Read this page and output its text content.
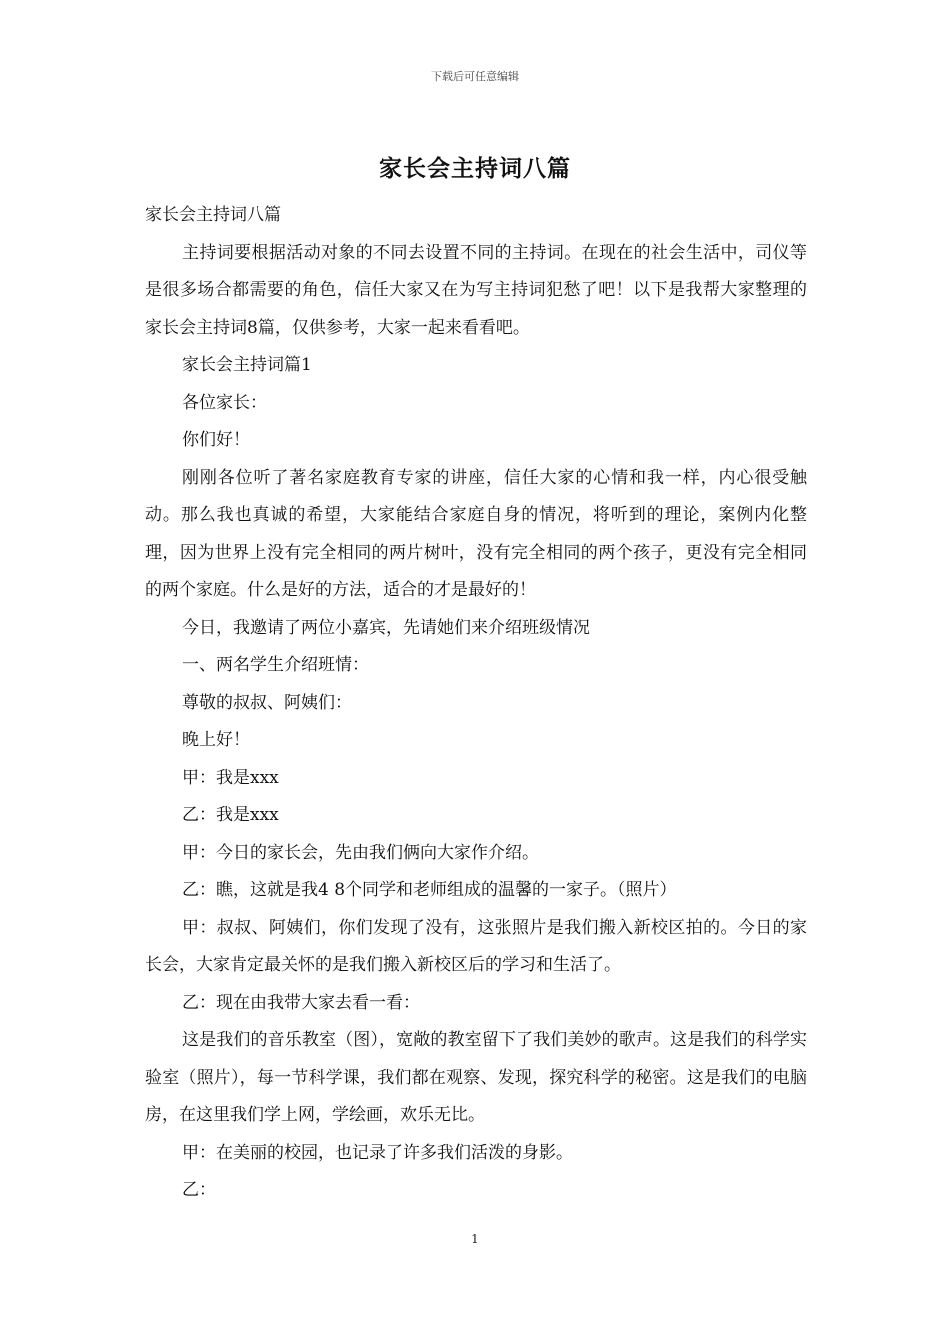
下载后可任意编辑
家长会主持词八篇

家长会主持词八篇

主持词要根据活动对象的不同去设置不同的主持词。在现在的社会生活中，司仪等是很多场合都需要的角色，信任大家又在为写主持词犯愁了吧！以下是我帮大家整理的家长会主持词8篇，仅供参考，大家一起来看看吧。

家长会主持词篇1

各位家长：

你们好！

刚刚各位听了著名家庭教育专家的讲座，信任大家的心情和我一样，内心很受触动。那么我也真诚的希望，大家能结合家庭自身的情况，将听到的理论，案例内化整理，因为世界上没有完全相同的两片树叶，没有完全相同的两个孩子，更没有完全相同的两个家庭。什么是好的方法，适合的才是最好的！

今日，我邀请了两位小嘉宾，先请她们来介绍班级情况

一、两名学生介绍班情：

尊敬的叔叔、阿姨们：

晚上好！

甲：我是xxx

乙：我是xxx

甲：今日的家长会，先由我们俩向大家作介绍。

乙：瞧，这就是我4 8个同学和老师组成的温馨的一家子。（照片）

甲：叔叔、阿姨们，你们发现了没有，这张照片是我们搬入新校区拍的。今日的家长会，大家肯定最关怀的是我们搬入新校区后的学习和生活了。

乙：现在由我带大家去看一看：

这是我们的音乐教室（图），宽敞的教室留下了我们美妙的歌声。这是我们的科学实验室（照片），每一节科学课，我们都在观察、发现，探究科学的秘密。这是我们的电脑房，在这里我们学上网，学绘画，欢乐无比。

甲：在美丽的校园，也记录了许多我们活泼的身影。

乙：

1
